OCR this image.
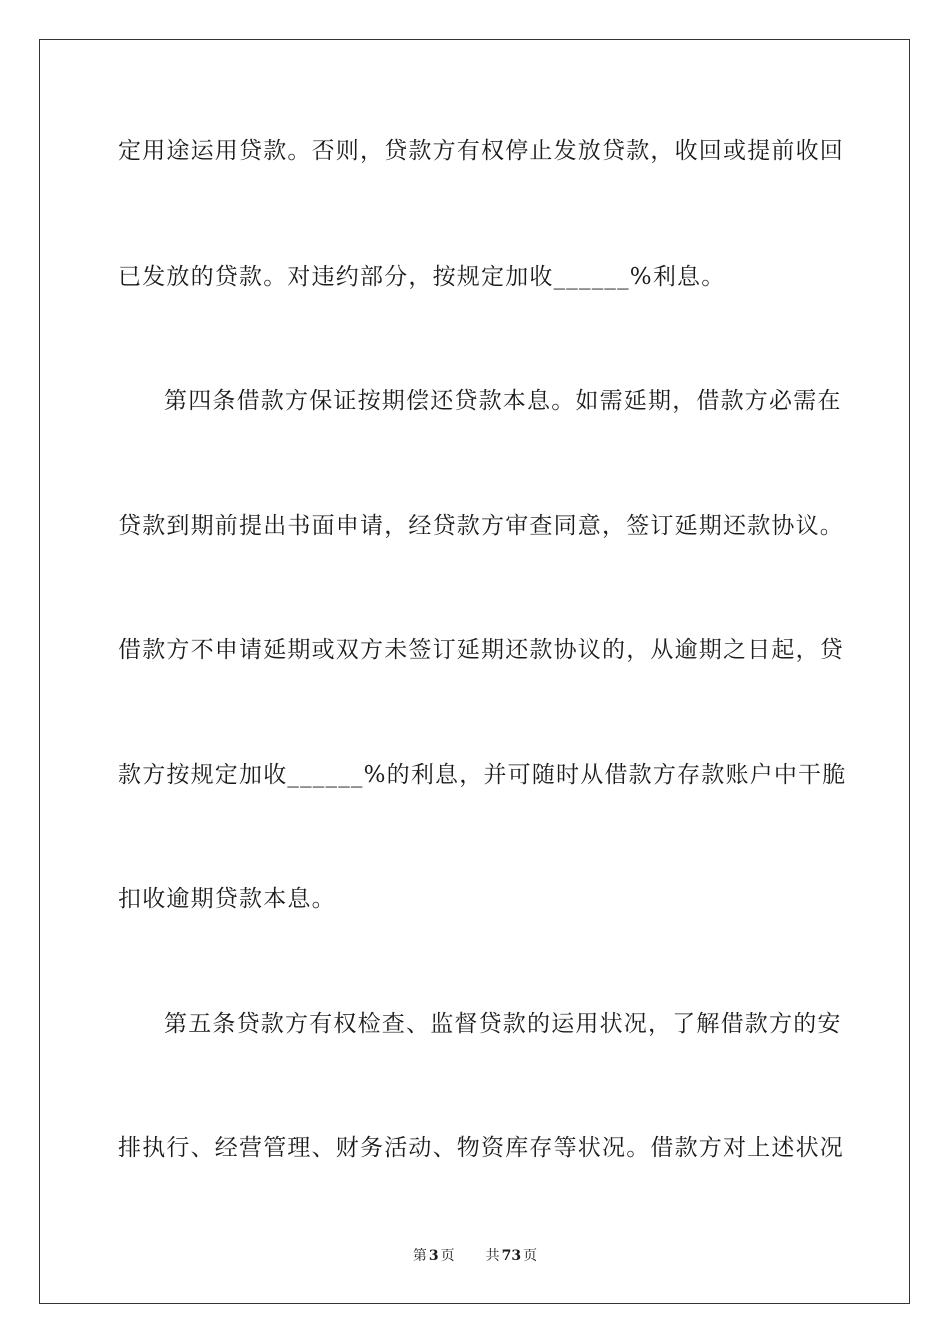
定用途运用贷款。否则，贷款方有权停止发放贷款，收回或提前收回
已发放的贷款。对违约部分，按规定加收______%利息。
第四条借款方保证按期偿还贷款本息。如需延期，借款方必需在
贷款到期前提出书面申请，经贷款方审查同意，签订延期还款协议。
借款方不申请延期或双方未签订延期还款协议的，从逾期之日起，贷
款方按规定加收______%的利息，并可随时从借款方存款账户中干脆
扣收逾期贷款本息。
第五条贷款方有权检查、监督贷款的运用状况，了解借款方的安
排执行、经营管理、财务活动、物资库存等状况。借款方对上述状况
第 3 页 共 73 页
